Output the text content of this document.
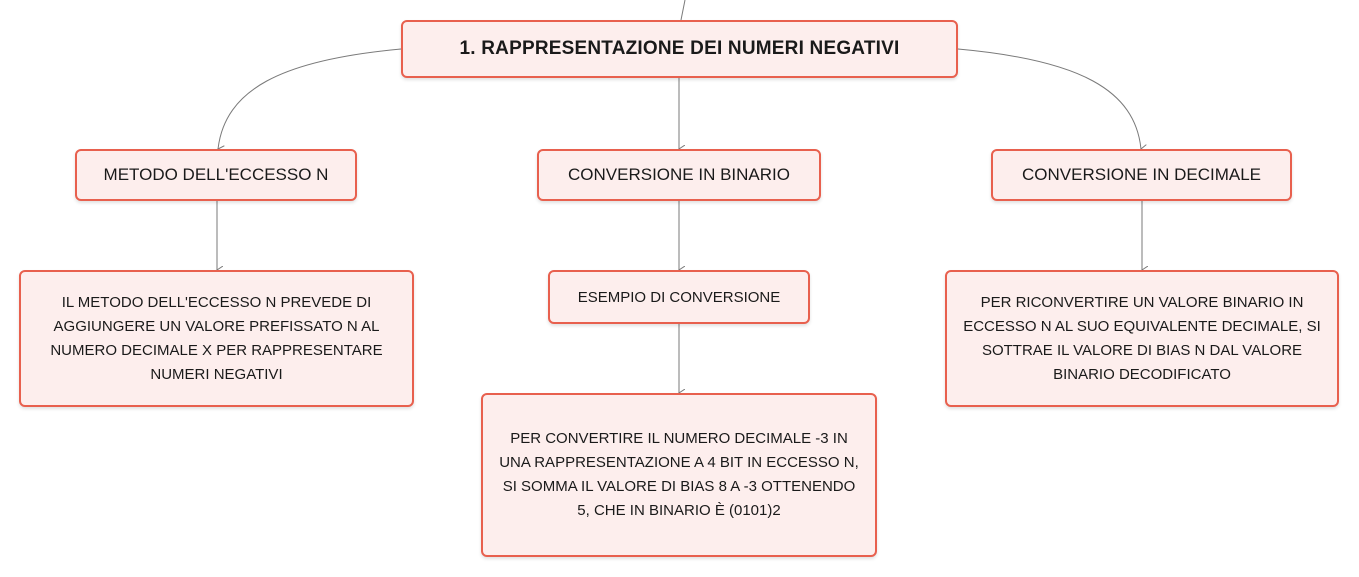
1. RAPPRESENTAZIONE DEI NUMERI NEGATIVI
METODO DELL'ECCESSO N	CONVERSIONE IN BINARIO	CONVERSIONE IN DECIMALE
IL METODO DELL'ECCESSO N PREVEDE DI AGGIUNGERE UN VALORE PREFISSATO N AL NUMERO DECIMALE X PER RAPPRESENTARE NUMERI NEGATIVI
ESEMPIO DI CONVERSIONE
PER CONVERTIRE IL NUMERO DECIMALE -3 IN UNA RAPPRESENTAZIONE A 4 BIT IN ECCESSO N, SI SOMMA IL VALORE DI BIAS 8 A -3 OTTENENDO 5, CHE IN BINARIO È (0101)2
PER RICONVERTIRE UN VALORE BINARIO IN ECCESSO N AL SUO EQUIVALENTE DECIMALE, SI SOTTRAE IL VALORE DI BIAS N DAL VALORE BINARIO DECODIFICATO
